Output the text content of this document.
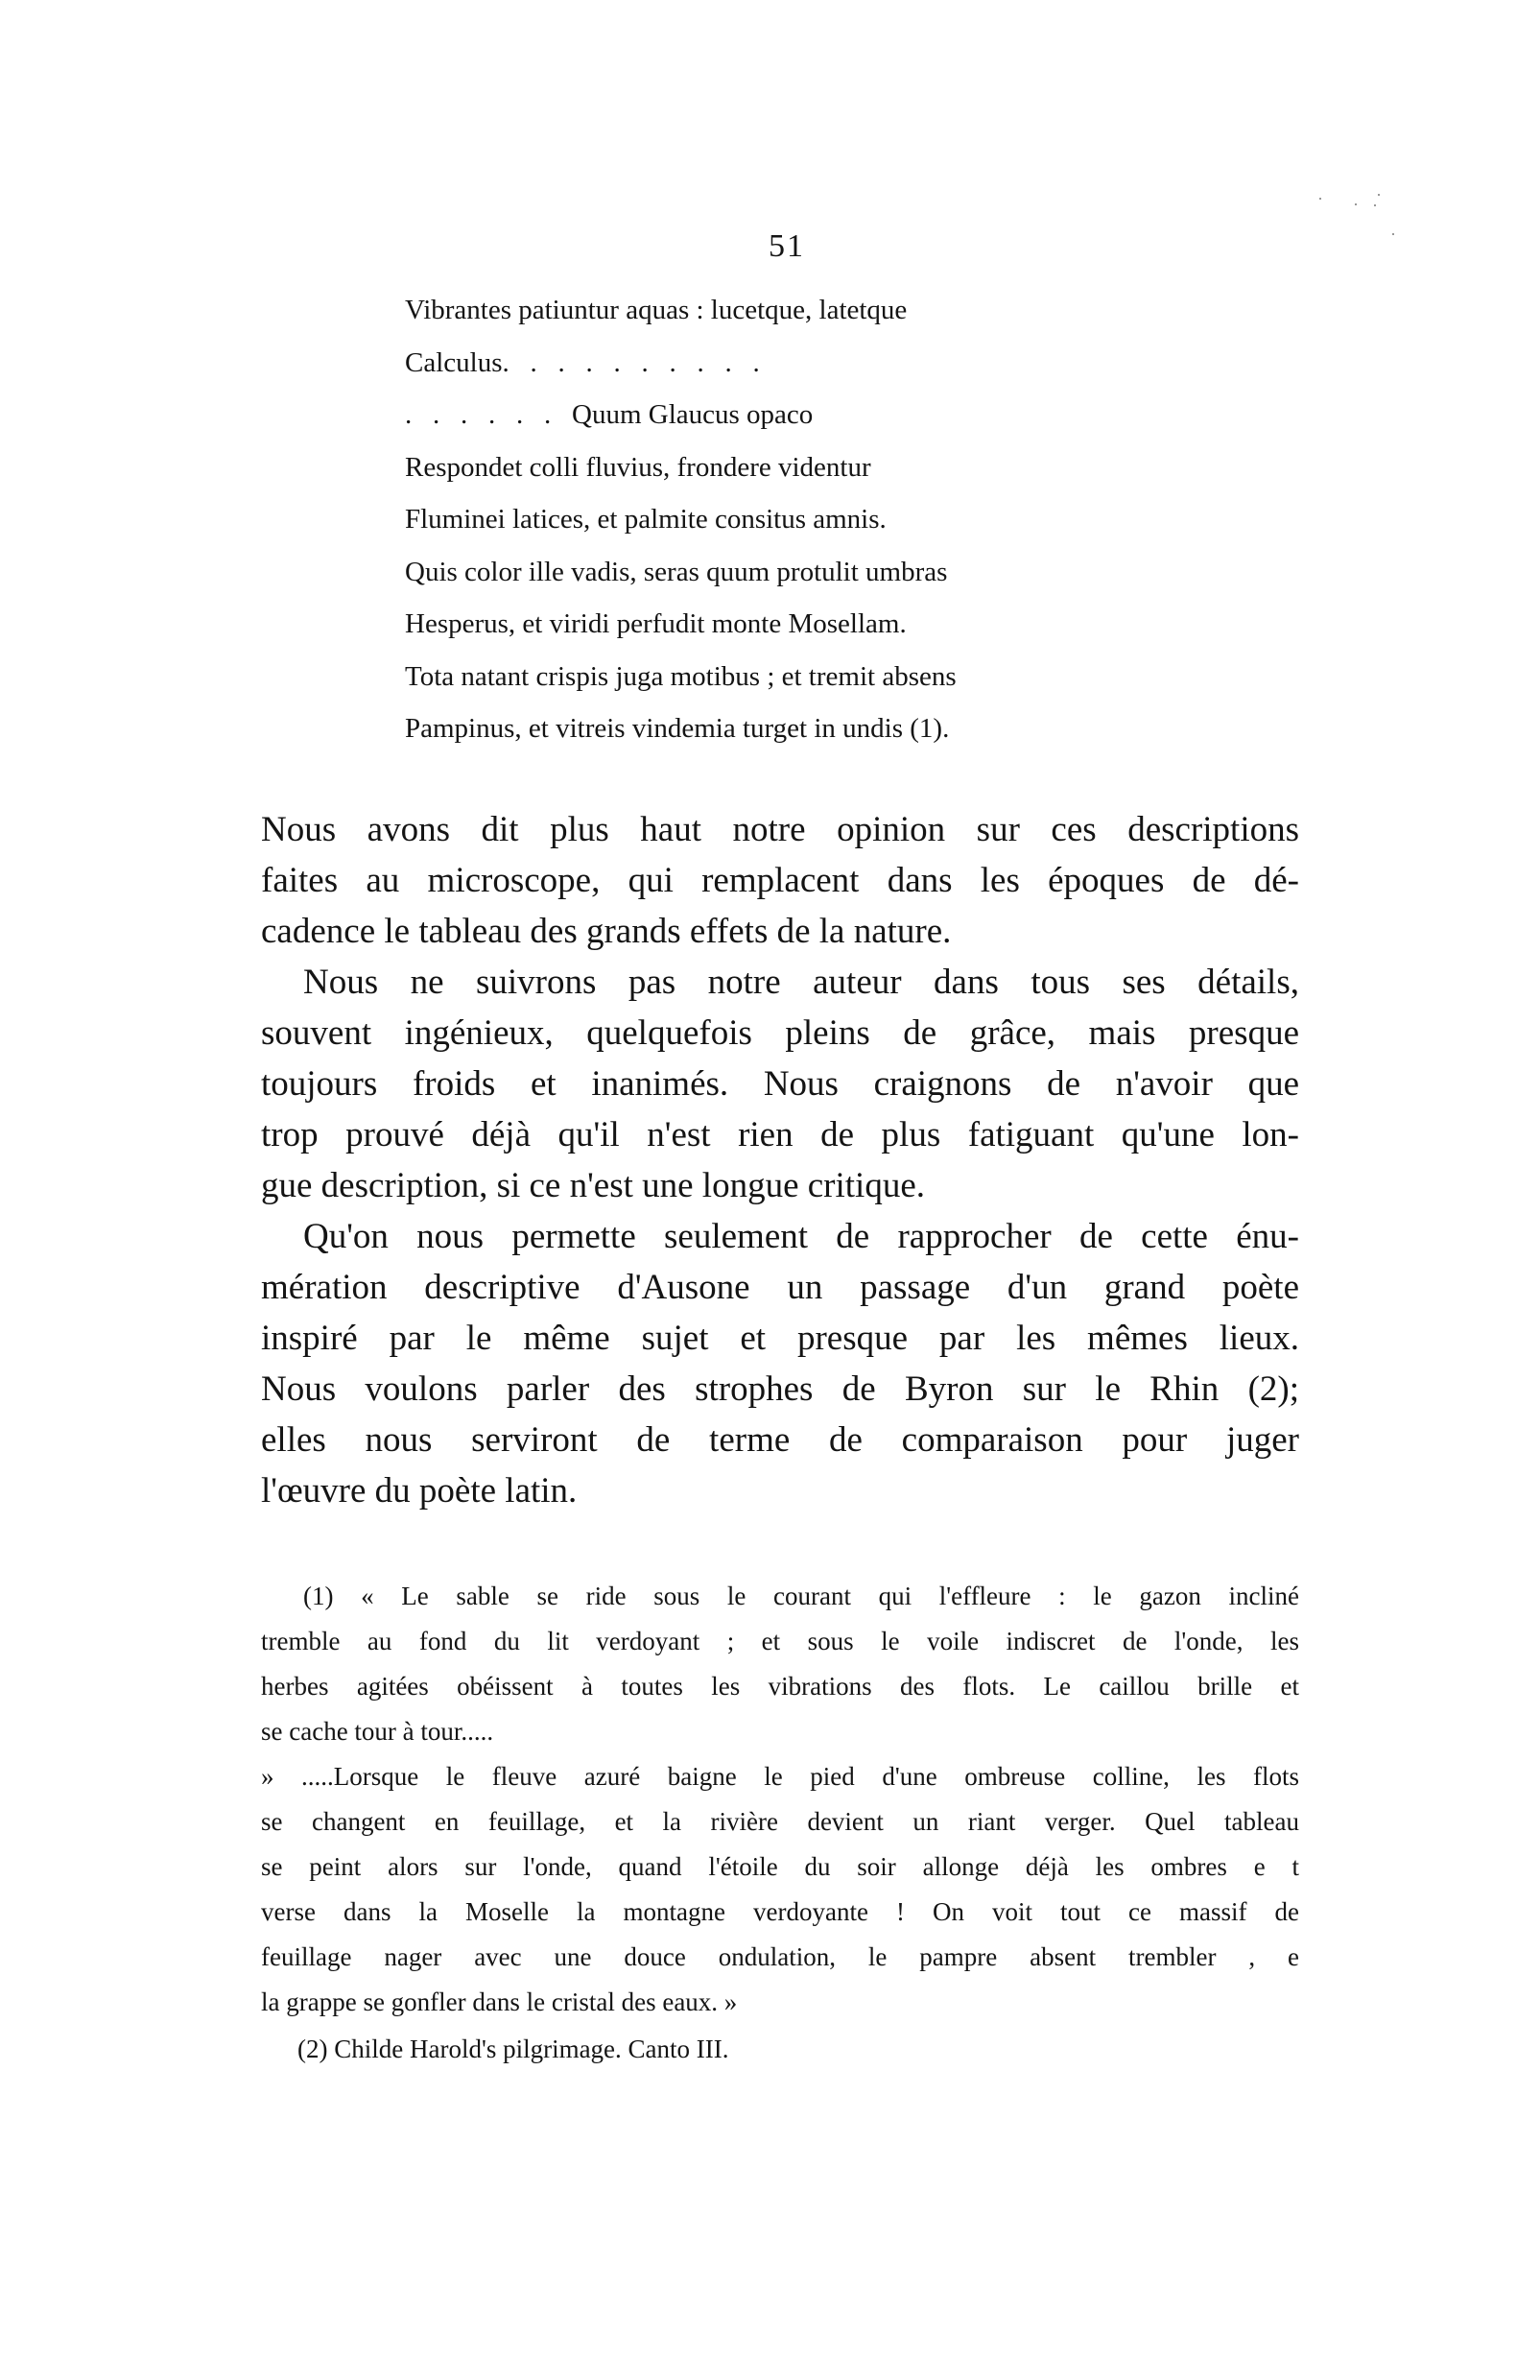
51
Vibrantes patiuntur aquas : lucetque, latetque
Calculus.   .   .   .   .   .   .   .   .   .
.   .   .   .   .   .   Quum Glaucus opaco
Respondet colli fluvius, frondere videntur
Fluminei latices, et palmite consitus amnis.
Quis color ille vadis, seras quum protulit umbras
Hesperus, et viridi perfudit monte Mosellam.
Tota natant crispis juga motibus ; et tremit absens
Pampinus, et vitreis vindemia turget in undis (1).

Nous avons dit plus haut notre opinion sur ces descriptions
faites au microscope, qui remplacent dans les époques de dé-
cadence le tableau des grands effets de la nature.

Nous ne suivrons pas notre auteur dans tous ses détails,
souvent ingénieux, quelquefois pleins de grâce, mais presque
toujours froids et inanimés. Nous craignons de n'avoir que
trop prouvé déjà qu'il n'est rien de plus fatiguant qu'une lon-
gue description, si ce n'est une longue critique.

Qu'on nous permette seulement de rapprocher de cette énu-
mération descriptive d'Ausone un passage d'un grand poète
inspiré par le même sujet et presque par les mêmes lieux.
Nous voulons parler des strophes de Byron sur le Rhin (2);
elles nous serviront de terme de comparaison pour juger
l'œuvre du poète latin.

(1) « Le sable se ride sous le courant qui l'effleure : le gazon incliné
tremble au fond du lit verdoyant ; et sous le voile indiscret de l'onde, les
herbes agitées obéissent à toutes les vibrations des flots. Le caillou brille et
se cache tour à tour.....
» .....Lorsque le fleuve azuré baigne le pied d'une ombreuse colline, les flots
se changent en feuillage, et la rivière devient un riant verger. Quel tableau
se peint alors sur l'onde, quand l'étoile du soir allonge déjà les ombres e t
verse dans la Moselle la montagne verdoyante ! On voit tout ce massif de
feuillage nager avec une douce ondulation, le pampre absent trembler , e
la grappe se gonfler dans le cristal des eaux. »
(2) Childe Harold's pilgrimage. Canto III.
